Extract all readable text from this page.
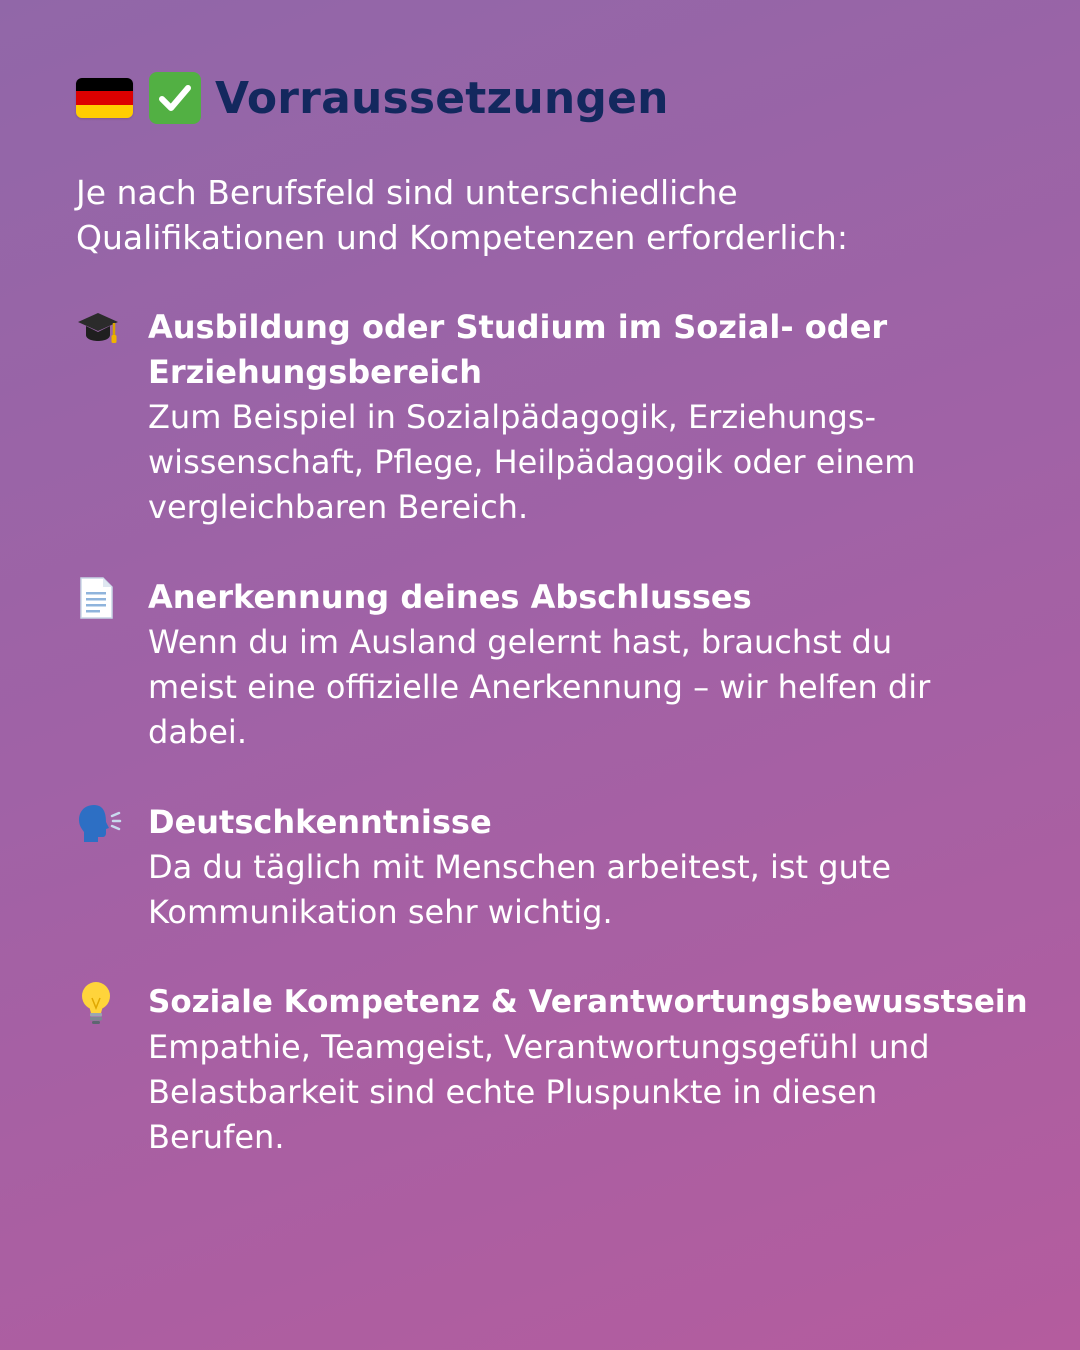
Vorraussetzungen
Je nach Berufsfeld sind unterschiedliche
Qualifikationen und Kompetenzen erforderlich:
Ausbildung oder Studium im Sozial- oder
Erziehungsbereich
Zum Beispiel in Sozialpädagogik, Erziehungs-
wissenschaft, Pflege, Heilpädagogik oder einem
vergleichbaren Bereich.
Anerkennung deines Abschlusses
Wenn du im Ausland gelernt hast, brauchst du
meist eine offizielle Anerkennung – wir helfen dir
dabei.
Deutschkenntnisse
Da du täglich mit Menschen arbeitest, ist gute
Kommunikation sehr wichtig.
Soziale Kompetenz & Verantwortungsbewusstsein
Empathie, Teamgeist, Verantwortungsgefühl und
Belastbarkeit sind echte Pluspunkte in diesen
Berufen.
